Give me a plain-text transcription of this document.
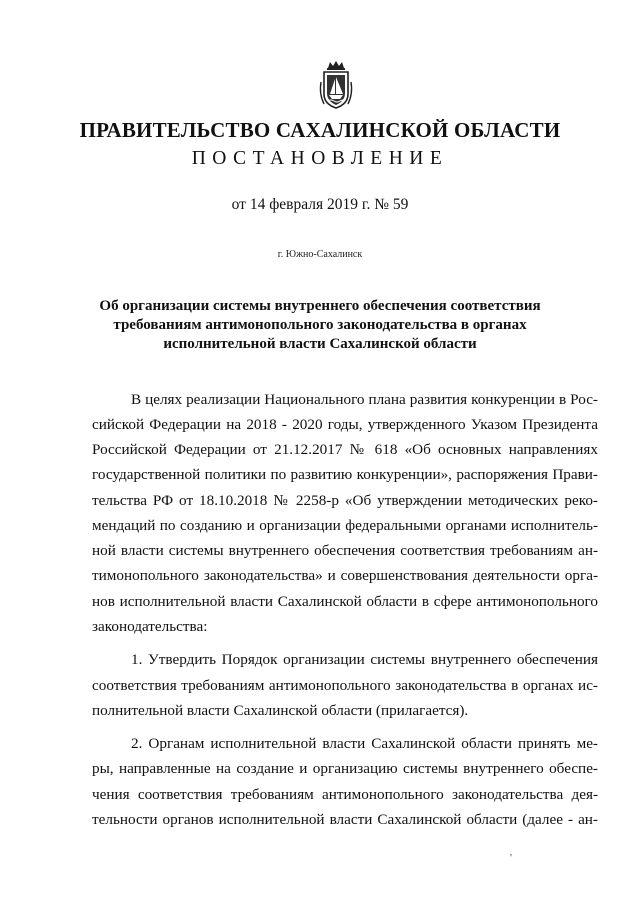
ПРАВИТЕЛЬСТВО САХАЛИНСКОЙ ОБЛАСТИ
ПОСТАНОВЛЕНИЕ
от 14 февраля 2019 г. № 59
г. Южно-Сахалинск
Об организации системы внутреннего обеспечения соответствия
требованиям антимонопольного законодательства в органах
исполнительной власти Сахалинской области
В целях реализации Национального плана развития конкуренции в Рос-
сийской Федерации на 2018 - 2020 годы, утвержденного Указом Президента
Российской Федерации от 21.12.2017 № 618 «Об основных направлениях
государственной политики по развитию конкуренции», распоряжения Прави-
тельства РФ от 18.10.2018 № 2258-р «Об утверждении методических реко-
мендаций по созданию и организации федеральными органами исполнитель-
ной власти системы внутреннего обеспечения соответствия требованиям ан-
тимонопольного законодательства» и совершенствования деятельности орга-
нов исполнительной власти Сахалинской области в сфере антимонопольного
законодательства:
1. Утвердить Порядок организации системы внутреннего обеспечения
соответствия требованиям антимонопольного законодательства в органах ис-
полнительной власти Сахалинской области (прилагается).
2. Органам исполнительной власти Сахалинской области принять ме-
ры, направленные на создание и организацию системы внутреннего обеспе-
чения соответствия требованиям антимонопольного законодательства дея-
тельности органов исполнительной власти Сахалинской области (далее - ан-
'
